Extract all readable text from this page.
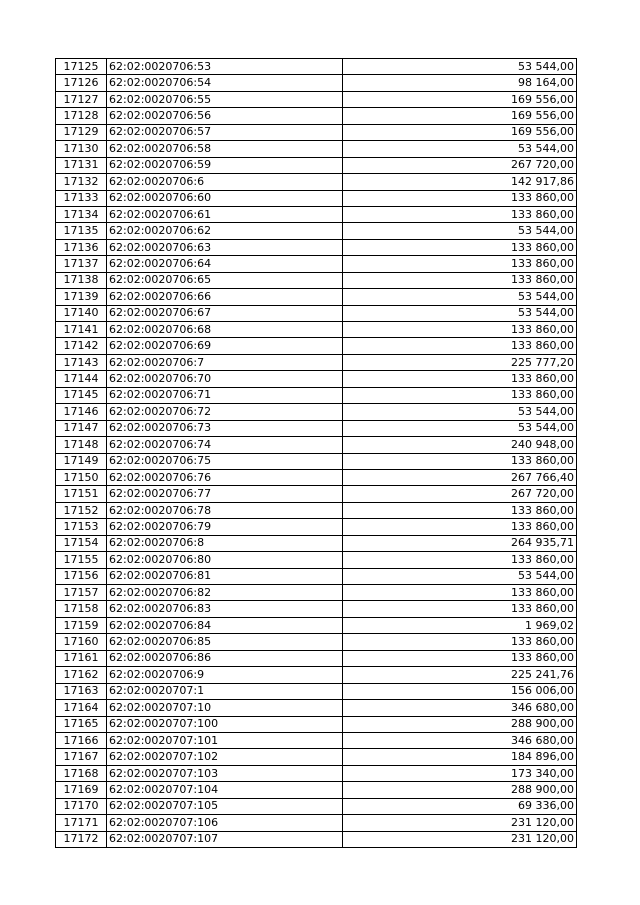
17125	62:02:0020706:53	53 544,00
17126	62:02:0020706:54	98 164,00
17127	62:02:0020706:55	169 556,00
17128	62:02:0020706:56	169 556,00
17129	62:02:0020706:57	169 556,00
17130	62:02:0020706:58	53 544,00
17131	62:02:0020706:59	267 720,00
17132	62:02:0020706:6	142 917,86
17133	62:02:0020706:60	133 860,00
17134	62:02:0020706:61	133 860,00
17135	62:02:0020706:62	53 544,00
17136	62:02:0020706:63	133 860,00
17137	62:02:0020706:64	133 860,00
17138	62:02:0020706:65	133 860,00
17139	62:02:0020706:66	53 544,00
17140	62:02:0020706:67	53 544,00
17141	62:02:0020706:68	133 860,00
17142	62:02:0020706:69	133 860,00
17143	62:02:0020706:7	225 777,20
17144	62:02:0020706:70	133 860,00
17145	62:02:0020706:71	133 860,00
17146	62:02:0020706:72	53 544,00
17147	62:02:0020706:73	53 544,00
17148	62:02:0020706:74	240 948,00
17149	62:02:0020706:75	133 860,00
17150	62:02:0020706:76	267 766,40
17151	62:02:0020706:77	267 720,00
17152	62:02:0020706:78	133 860,00
17153	62:02:0020706:79	133 860,00
17154	62:02:0020706:8	264 935,71
17155	62:02:0020706:80	133 860,00
17156	62:02:0020706:81	53 544,00
17157	62:02:0020706:82	133 860,00
17158	62:02:0020706:83	133 860,00
17159	62:02:0020706:84	1 969,02
17160	62:02:0020706:85	133 860,00
17161	62:02:0020706:86	133 860,00
17162	62:02:0020706:9	225 241,76
17163	62:02:0020707:1	156 006,00
17164	62:02:0020707:10	346 680,00
17165	62:02:0020707:100	288 900,00
17166	62:02:0020707:101	346 680,00
17167	62:02:0020707:102	184 896,00
17168	62:02:0020707:103	173 340,00
17169	62:02:0020707:104	288 900,00
17170	62:02:0020707:105	69 336,00
17171	62:02:0020707:106	231 120,00
17172	62:02:0020707:107	231 120,00
